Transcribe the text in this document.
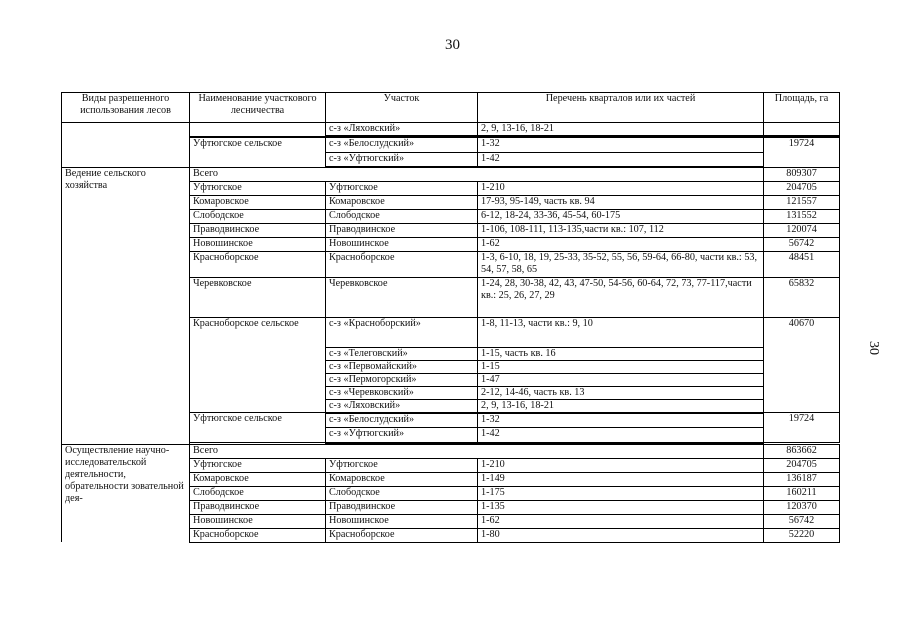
30
30
Виды разрешенного использования лесов	Наименование участкового лесничества	Участок	Перечень кварталов или их частей	Площадь, га
		с-з «Ляховский»	2, 9, 13-16, 18-21	

	Уфтюгское сельское	с-з «Белослудский»	1-32	19724
		с-з «Уфтюгский»	1-42	
Ведение сельского хозяйства	Всего			809307
	Уфтюгское	Уфтюгское	1-210	204705
	Комаровское	Комаровское	17-93, 95-149, часть кв. 94	121557
	Слободское	Слободское	6-12, 18-24, 33-36, 45-54, 60-175	131552
	Праводвинское	Праводвинское	1-106, 108-111, 113-135,части кв.: 107, 112	120074
	Новошинское	Новошинское	1-62	56742
	Красноборское	Красноборское	1-3, 6-10, 18, 19, 25-33, 35-52, 55, 56, 59-64, 66-80, части кв.: 53, 54, 57, 58, 65	48451
	Черевковское	Черевковское	1-24, 28, 30-38, 42, 43, 47-50, 54-56, 60-64, 72, 73, 77-117,части кв.: 25, 26, 27, 29	65832
	Красноборское сельское	с-з «Красноборский»	1-8, 11-13, части кв.: 9, 10	40670
		с-з «Телеговский»	1-15, часть кв. 16	
		с-з «Первомайский»	1-15	
		с-з «Пермогорский»	1-47	
		с-з «Черевковский»	2-12, 14-46, часть кв. 13	
		с-з «Ляховский»	2, 9, 13-16, 18-21	
	Уфтюгское сельское	с-з «Белослудский»	1-32	19724
		с-з «Уфтюгский»	1-42	

Осуществление научно-исследовательской деятельности, обрательности зовательной дея-	Всего			863662
	Уфтюгское	Уфтюгское	1-210	204705
	Комаровское	Комаровское	1-149	136187
	Слободское	Слободское	1-175	160211
	Праводвинское	Праводвинское	1-135	120370
	Новошинское	Новошинское	1-62	56742
	Красноборское	Красноборское	1-80	52220
